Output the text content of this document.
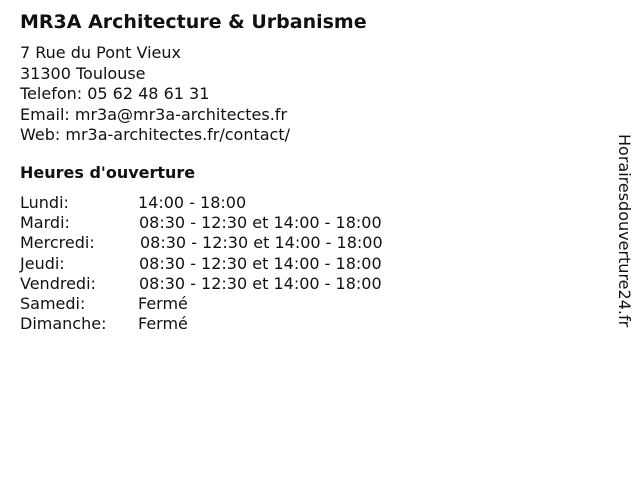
MR3A Architecture & Urbanisme
7 Rue du Pont Vieux
31300 Toulouse
Telefon: 05 62 48 61 31
Email: mr3a@mr3a-architectes.fr
Web: mr3a-architectes.fr/contact/
Heures d'ouverture
Lundi:	14:00 - 18:00
Mardi:	08:30 - 12:30 et 14:00 - 18:00
Mercredi:	08:30 - 12:30 et 14:00 - 18:00
Jeudi:	08:30 - 12:30 et 14:00 - 18:00
Vendredi:	08:30 - 12:30 et 14:00 - 18:00
Samedi:	Fermé
Dimanche: Fermé	Horairesdouverture24.fr
